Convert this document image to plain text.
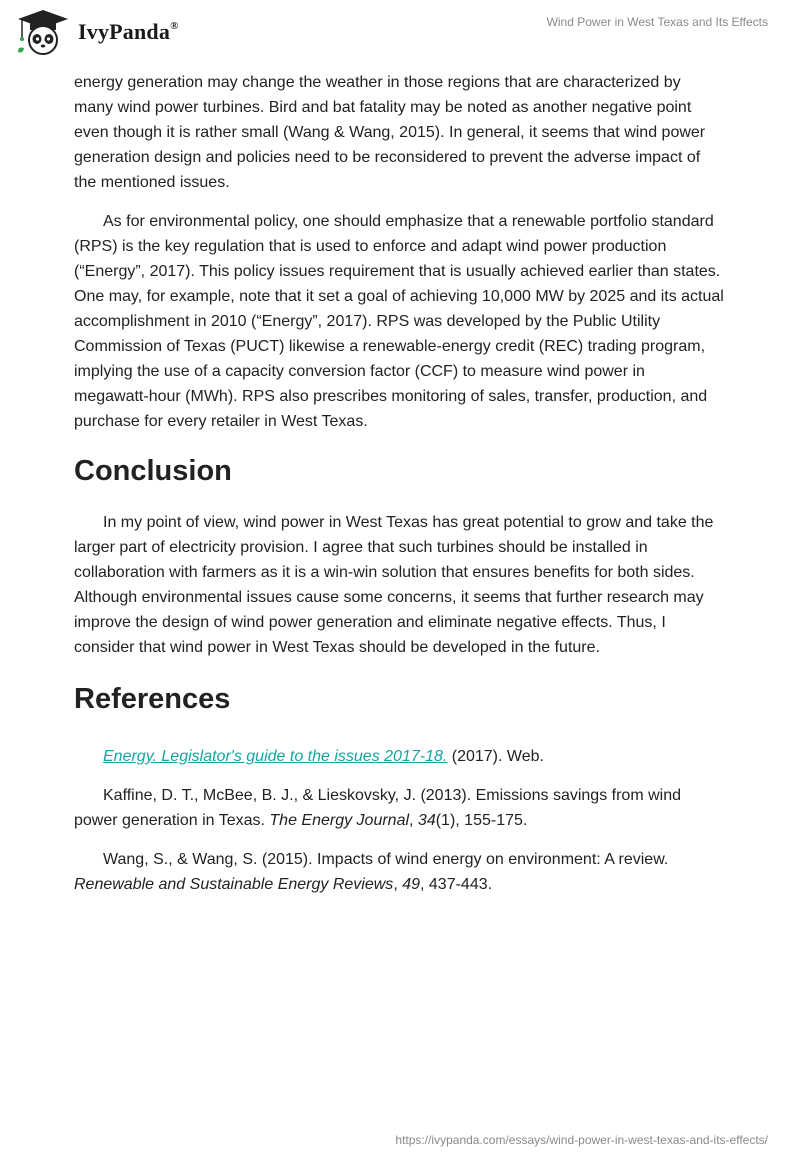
IvyPanda®	Wind Power in West Texas and Its Effects

energy generation may change the weather in those regions that are characterized by many wind power turbines. Bird and bat fatality may be noted as another negative point even though it is rather small (Wang & Wang, 2015). In general, it seems that wind power generation design and policies need to be reconsidered to prevent the adverse impact of the mentioned issues.

As for environmental policy, one should emphasize that a renewable portfolio standard (RPS) is the key regulation that is used to enforce and adapt wind power production (“Energy”, 2017). This policy issues requirement that is usually achieved earlier than states. One may, for example, note that it set a goal of achieving 10,000 MW by 2025 and its actual accomplishment in 2010 (“Energy”, 2017). RPS was developed by the Public Utility Commission of Texas (PUCT) likewise a renewable-energy credit (REC) trading program, implying the use of a capacity conversion factor (CCF) to measure wind power in megawatt-hour (MWh). RPS also prescribes monitoring of sales, transfer, production, and purchase for every retailer in West Texas.

Conclusion

In my point of view, wind power in West Texas has great potential to grow and take the larger part of electricity provision. I agree that such turbines should be installed in collaboration with farmers as it is a win-win solution that ensures benefits for both sides. Although environmental issues cause some concerns, it seems that further research may improve the design of wind power generation and eliminate negative effects. Thus, I consider that wind power in West Texas should be developed in the future.

References

Energy. Legislator's guide to the issues 2017-18. (2017). Web.

Kaffine, D. T., McBee, B. J., & Lieskovsky, J. (2013). Emissions savings from wind power generation in Texas. The Energy Journal, 34(1), 155-175.

Wang, S., & Wang, S. (2015). Impacts of wind energy on environment: A review. Renewable and Sustainable Energy Reviews, 49, 437-443.

https://ivypanda.com/essays/wind-power-in-west-texas-and-its-effects/
